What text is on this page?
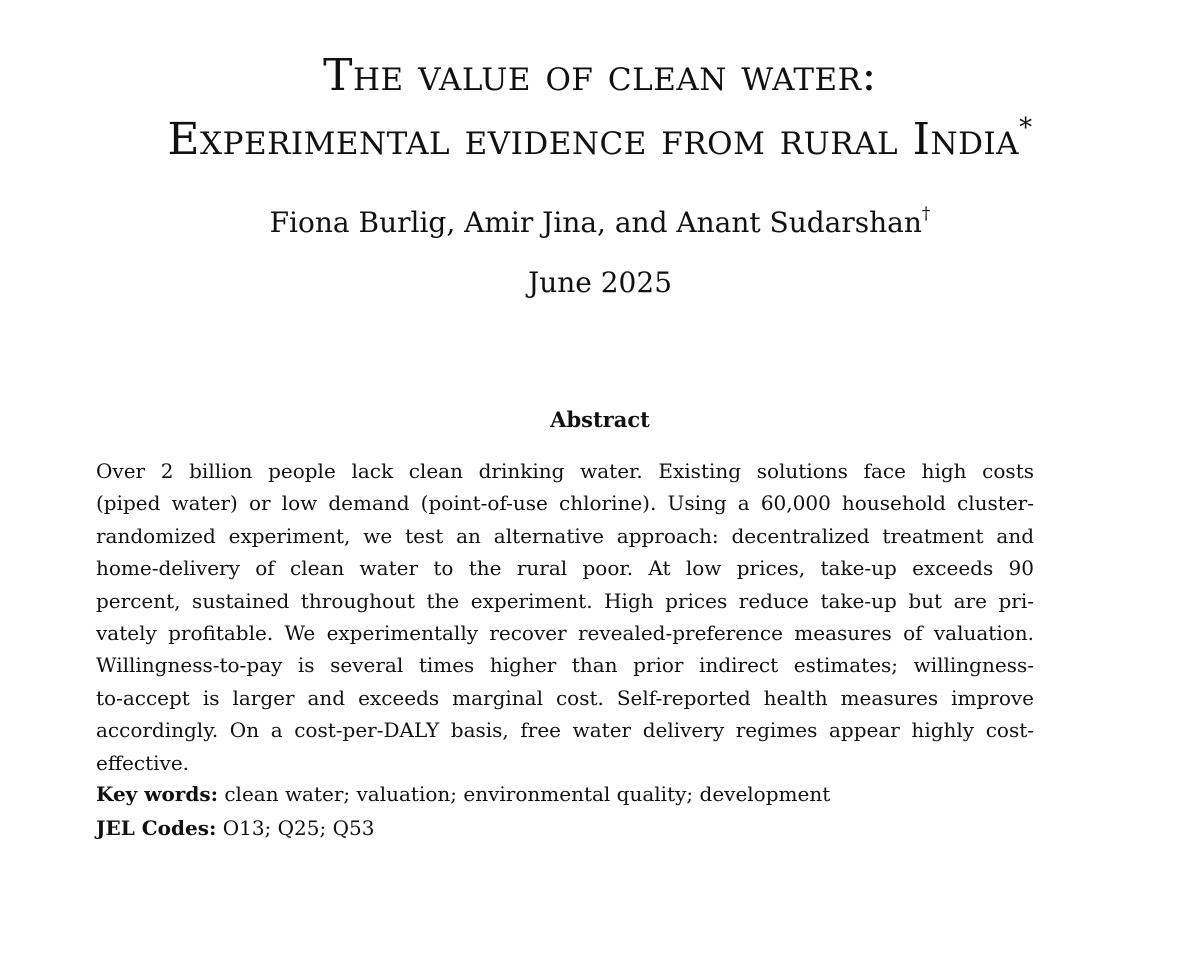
The value of clean water:
Experimental evidence from rural India*
Fiona Burlig, Amir Jina, and Anant Sudarshan†
June 2025
Abstract
Over 2 billion people lack clean drinking water. Existing solutions face high costs
(piped water) or low demand (point-of-use chlorine). Using a 60,000 household cluster-
randomized experiment, we test an alternative approach: decentralized treatment and
home-delivery of clean water to the rural poor. At low prices, take-up exceeds 90
percent, sustained throughout the experiment. High prices reduce take-up but are pri-
vately profitable. We experimentally recover revealed-preference measures of valuation.
Willingness-to-pay is several times higher than prior indirect estimates; willingness-
to-accept is larger and exceeds marginal cost. Self-reported health measures improve
accordingly. On a cost-per-DALY basis, free water delivery regimes appear highly cost-
effective.
Key words: clean water; valuation; environmental quality; development
JEL Codes: O13; Q25; Q53
